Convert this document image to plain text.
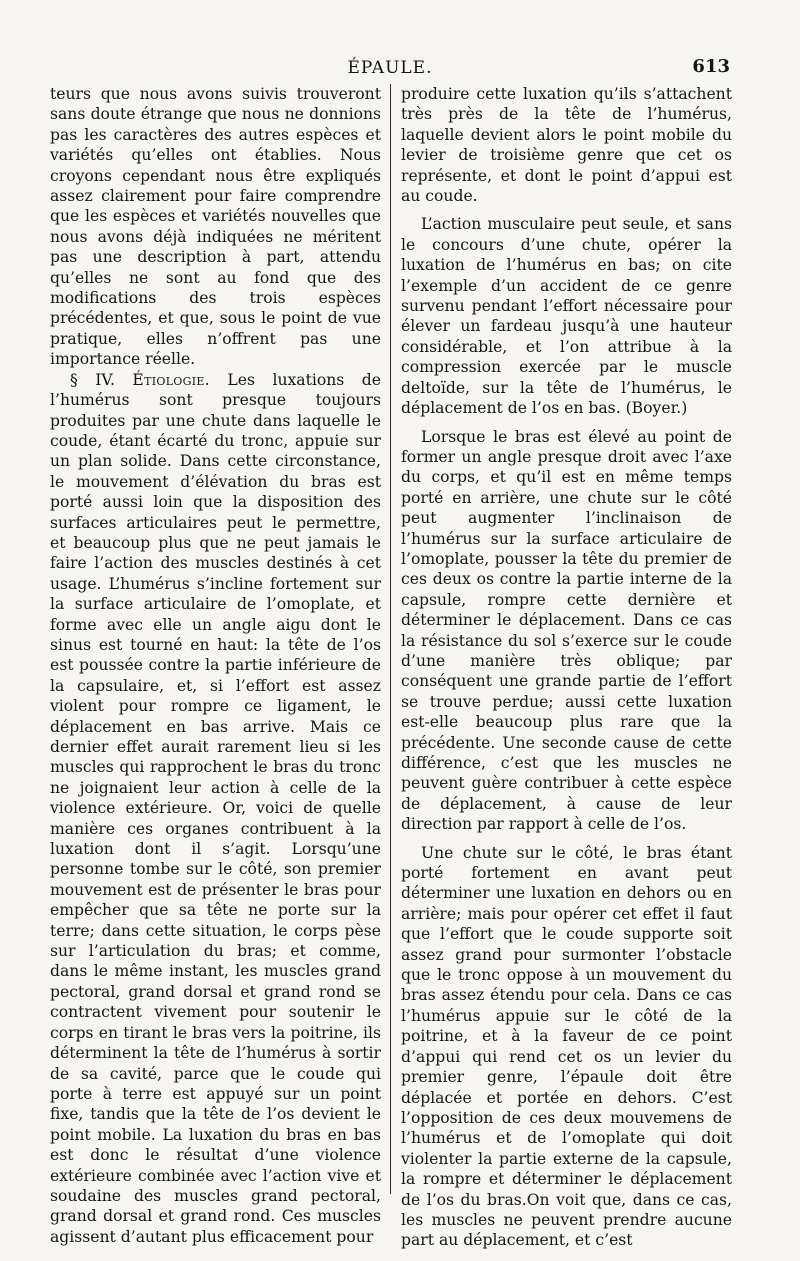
ÉPAULE.	613

teurs que nous avons suivis trouveront sans doute étrange que nous ne donnions pas les caractères des autres espèces et variétés qu’elles ont établies. Nous croyons cependant nous être expliqués assez clairement pour faire comprendre que les espèces et variétés nouvelles que nous avons déjà indiquées ne méritent pas une description à part, attendu qu’elles ne sont au fond que des modifications des trois espèces précédentes, et que, sous le point de vue pratique, elles n’offrent pas une importance réelle.

§ IV. Étiologie. Les luxations de l’humérus sont presque toujours produites par une chute dans laquelle le coude, étant écarté du tronc, appuie sur un plan solide. Dans cette circonstance, le mouvement d’élévation du bras est porté aussi loin que la disposition des surfaces articulaires peut le permettre, et beaucoup plus que ne peut jamais le faire l’action des muscles destinés à cet usage. L’humérus s’incline fortement sur la surface articulaire de l’omoplate, et forme avec elle un angle aigu dont le sinus est tourné en haut: la tête de l’os est poussée contre la partie inférieure de la capsulaire, et, si l’effort est assez violent pour rompre ce ligament, le déplacement en bas arrive. Mais ce dernier effet aurait rarement lieu si les muscles qui rapprochent le bras du tronc ne joignaient leur action à celle de la violence extérieure. Or, voici de quelle manière ces organes contribuent à la luxation dont il s’agit. Lorsqu’une personne tombe sur le côté, son premier mouvement est de présenter le bras pour empêcher que sa tête ne porte sur la terre; dans cette situation, le corps pèse sur l’articulation du bras; et comme, dans le même instant, les muscles grand pectoral, grand dorsal et grand rond se contractent vivement pour soutenir le corps en tirant le bras vers la poitrine, ils déterminent la tête de l’humérus à sortir de sa cavité, parce que le coude qui porte à terre est appuyé sur un point fixe, tandis que la tête de l’os devient le point mobile. La luxation du bras en bas est donc le résultat d’une violence extérieure combinée avec l’action vive et soudaine des muscles grand pectoral, grand dorsal et grand rond. Ces muscles agissent d’autant plus efficacement pour

produire cette luxation qu’ils s’attachent très près de la tête de l’humérus, laquelle devient alors le point mobile du levier de troisième genre que cet os représente, et dont le point d’appui est au coude.

L’action musculaire peut seule, et sans le concours d’une chute, opérer la luxation de l’humérus en bas; on cite l’exemple d’un accident de ce genre survenu pendant l’effort nécessaire pour élever un fardeau jusqu’à une hauteur considérable, et l’on attribue à la compression exercée par le muscle deltoïde, sur la tête de l’humérus, le déplacement de l’os en bas. (Boyer.)

Lorsque le bras est élevé au point de former un angle presque droit avec l’axe du corps, et qu’il est en même temps porté en arrière, une chute sur le côté peut augmenter l’inclinaison de l’humérus sur la surface articulaire de l’omoplate, pousser la tête du premier de ces deux os contre la partie interne de la capsule, rompre cette dernière et déterminer le déplacement. Dans ce cas la résistance du sol s’exerce sur le coude d’une manière très oblique; par conséquent une grande partie de l’effort se trouve perdue; aussi cette luxation est-elle beaucoup plus rare que la précédente. Une seconde cause de cette différence, c’est que les muscles ne peuvent guère contribuer à cette espèce de déplacement, à cause de leur direction par rapport à celle de l’os.

Une chute sur le côté, le bras étant porté fortement en avant peut déterminer une luxation en dehors ou en arrière; mais pour opérer cet effet il faut que l’effort que le coude supporte soit assez grand pour surmonter l’obstacle que le tronc oppose à un mouvement du bras assez étendu pour cela. Dans ce cas l’humérus appuie sur le côté de la poitrine, et à la faveur de ce point d’appui qui rend cet os un levier du premier genre, l’épaule doit être déplacée et portée en dehors. C’est l’opposition de ces deux mouvemens de l’humérus et de l’omoplate qui doit violenter la partie externe de la capsule, la rompre et déterminer le déplacement de l’os du bras.On voit que, dans ce cas, les muscles ne peuvent prendre aucune part au déplacement, et c’est
